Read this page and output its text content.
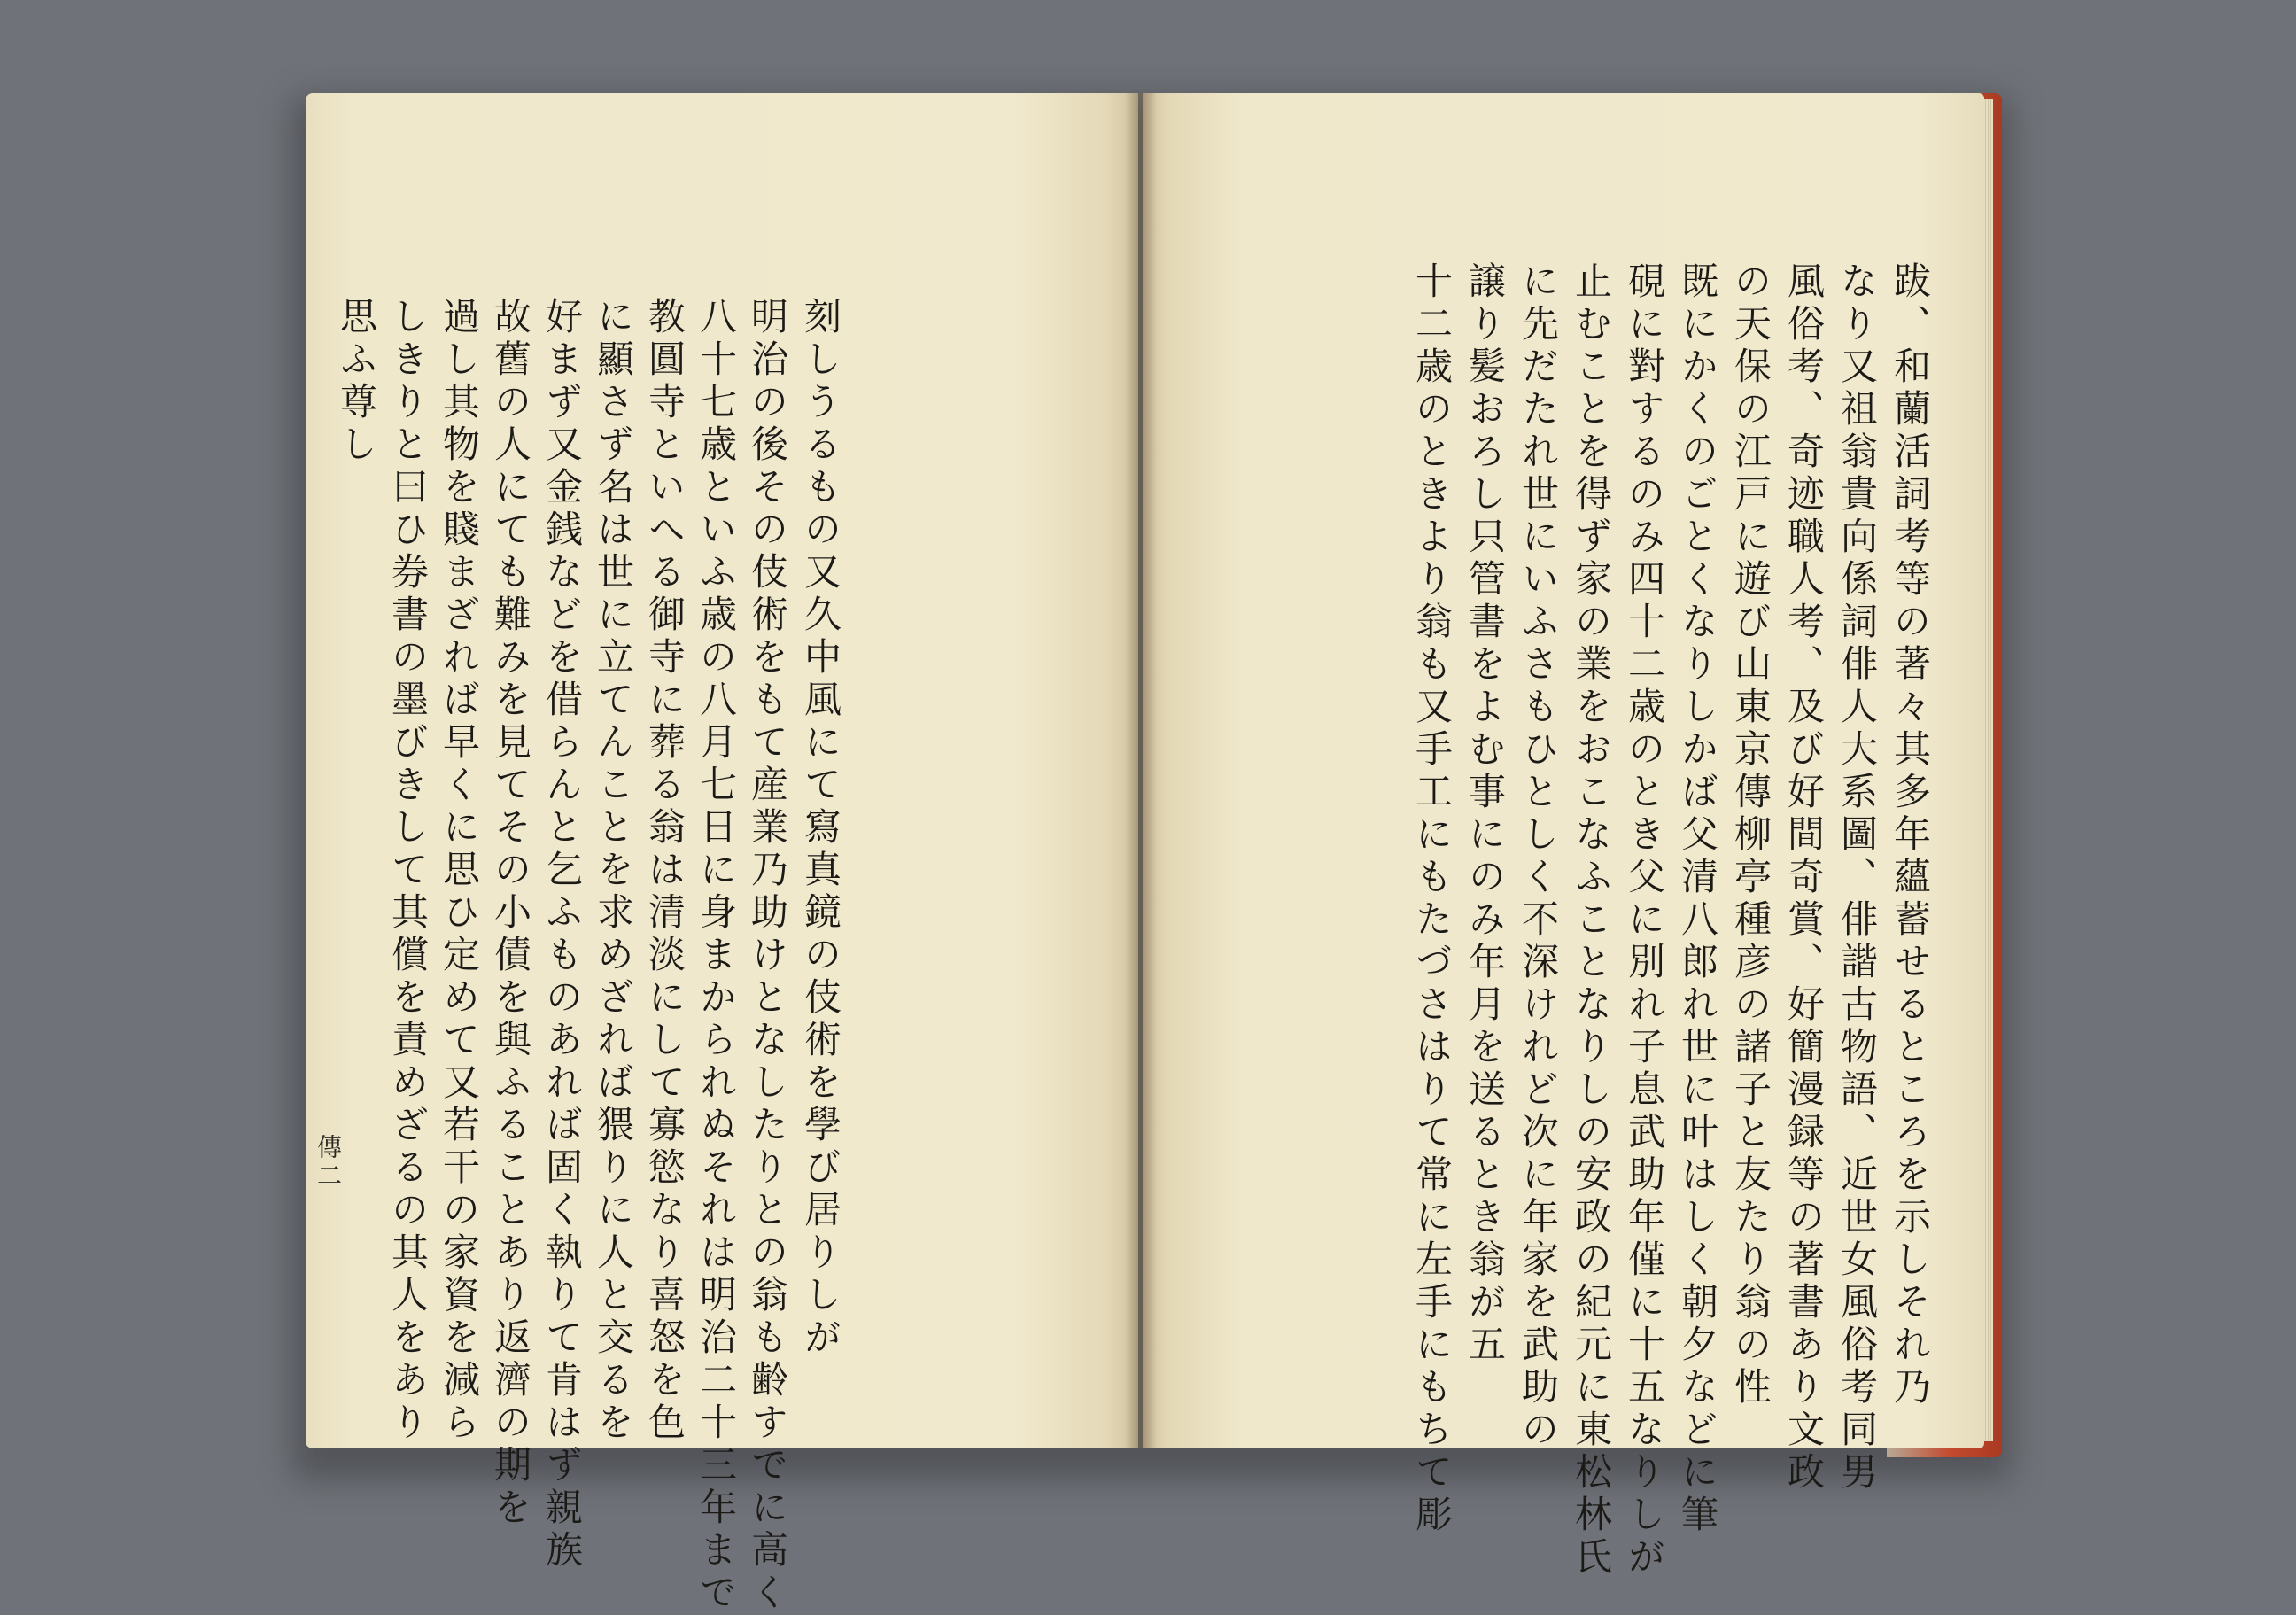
刻しうるもの又久中風にて寫真鏡の伎術を學び居りしが
明治の後その伎術をもて産業乃助けとなしたりとの翁も齢すでに高く
八十七歳といふ歳の八月七日に身まかられぬそれは明治二十三年まで
教圓寺といへる御寺に葬る翁は清淡にして寡慾なり喜怒を色
に顯さず名は世に立てんことを求めざれば猥りに人と交るを
好まず又金銭などを借らんと乞ふものあれば固く執りて肯はず親族
故舊の人にても難みを見てその小債を與ふることあり返濟の期を
過し其物を賤まざれば早くに思ひ定めて又若干の家資を減ら
しきりと曰ひ券書の墨びきして其償を責めざるの其人をあり
思ふ尊し
傳二	跋、和蘭活詞考等の著々其多年蘊蓄せるところを示しそれ乃
なり又祖翁貴向係詞俳人大系圖、俳諧古物語、近世女風俗考同男
風俗考、奇迹職人考、及び好間奇賞、好簡漫録等の著書あり文政
の天保の江戸に遊び山東京傳柳亭種彦の諸子と友たり翁の性
既にかくのごとくなりしかば父清八郎れ世に叶はしく朝夕などに筆
硯に對するのみ四十二歳のとき父に別れ子息武助年僅に十五なりしが
止むことを得ず家の業をおこなふことなりしの安政の紀元に東松林氏
に先だたれ世にいふさもひとしく不深けれど次に年家を武助の
譲り髪おろし只管書をよむ事にのみ年月を送るとき翁が五
十二歳のときより翁も又手工にもたづさはりて常に左手にもちて彫
